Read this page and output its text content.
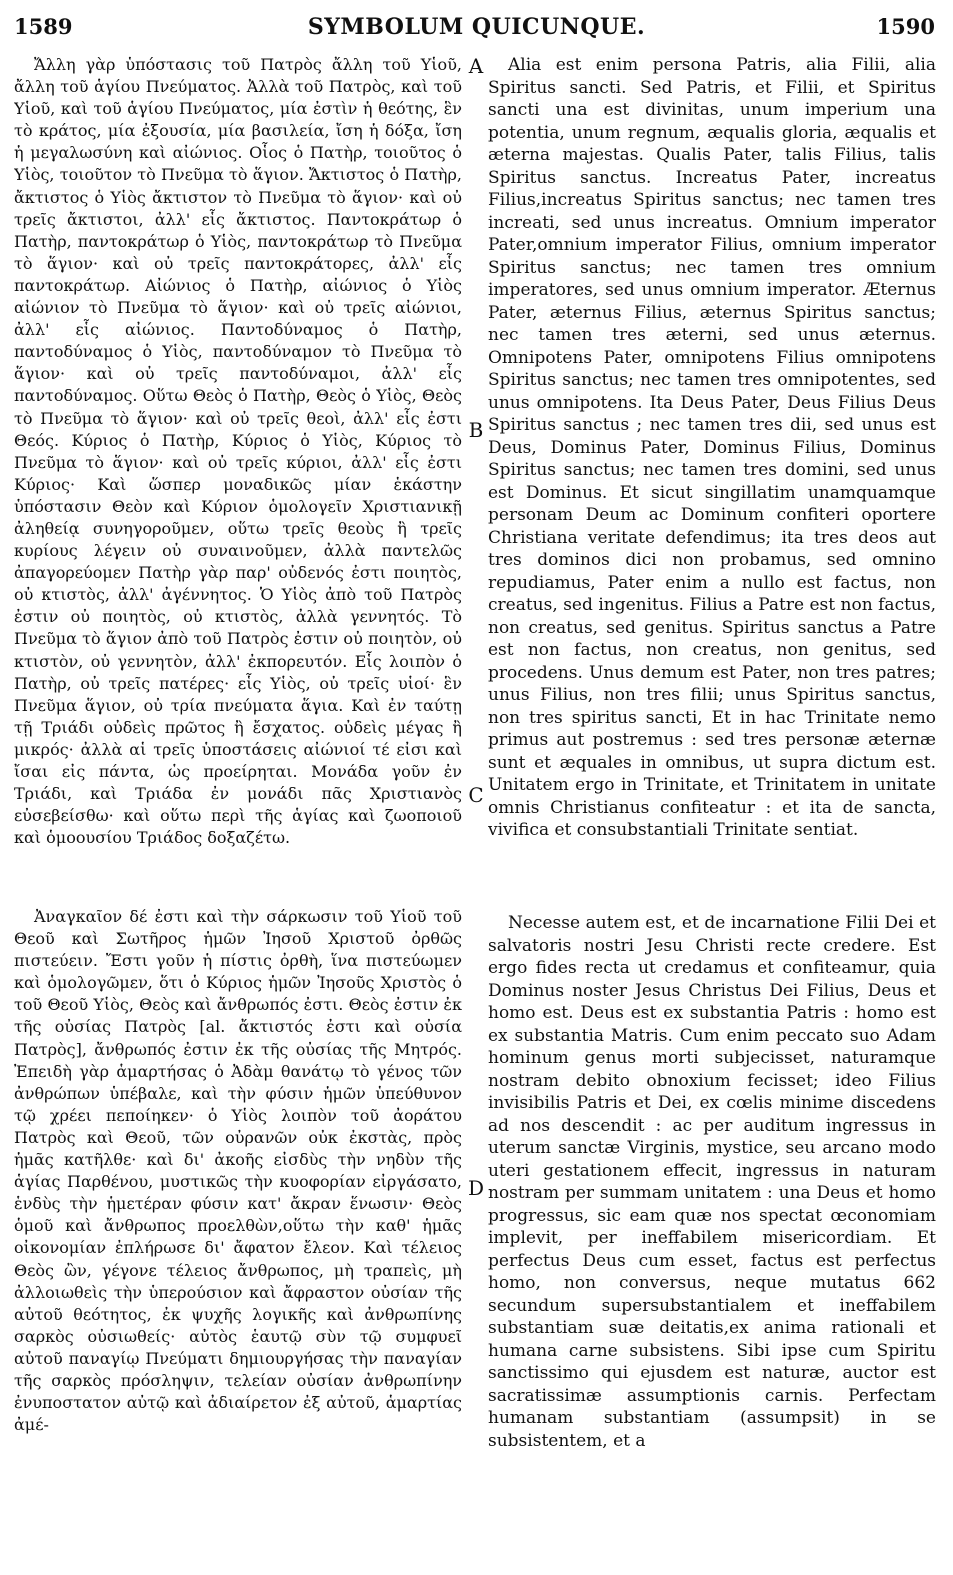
1589	SYMBOLUM QUICUNQUE.	1590

Ἄλλη γὰρ ὑπόστασις τοῦ Πατρὸς ἄλλη τοῦ Υἱοῦ, ἄλλη τοῦ ἁγίου Πνεύματος. Ἀλλὰ τοῦ Πατρὸς, καὶ τοῦ Υἱοῦ, καὶ τοῦ ἁγίου Πνεύματος, μία ἐστὶν ἡ θεότης, ἓν τὸ κράτος, μία ἐξουσία, μία βασιλεία, ἴση ἡ δόξα, ἴση ἡ μεγαλωσύνη καὶ αἰώνιος. Οἷος ὁ Πατὴρ, τοιοῦτος ὁ Υἱὸς, τοιοῦτον τὸ Πνεῦμα τὸ ἅγιον. Ἄκτιστος ὁ Πατὴρ, ἄκτιστος ὁ Υἱὸς ἄκτιστον τὸ Πνεῦμα τὸ ἅγιον· καὶ οὐ τρεῖς ἄκτιστοι, ἀλλ' εἷς ἄκτιστος. Παντοκράτωρ ὁ Πατὴρ, παντοκράτωρ ὁ Υἱὸς, παντοκράτωρ τὸ Πνεῦμα τὸ ἅγιον· καὶ οὐ τρεῖς παντοκράτορες, ἀλλ' εἷς παντοκράτωρ. Αἰώνιος ὁ Πατὴρ, αἰώνιος ὁ Υἱὸς αἰώνιον τὸ Πνεῦμα τὸ ἅγιον· καὶ οὐ τρεῖς αἰώνιοι, ἀλλ' εἷς αἰώνιος. Παντοδύναμος ὁ Πατὴρ, παντοδύναμος ὁ Υἱὸς, παντοδύναμον τὸ Πνεῦμα τὸ ἅγιον· καὶ οὐ τρεῖς παντοδύναμοι, ἀλλ' εἷς παντοδύναμος. Οὕτω Θεὸς ὁ Πατὴρ, Θεὸς ὁ Υἱὸς, Θεὸς τὸ Πνεῦμα τὸ ἅγιον· καὶ οὐ τρεῖς θεοὶ, ἀλλ' εἷς ἐστι Θεός. Κύριος ὁ Πατὴρ, Κύριος ὁ Υἱὸς, Κύριος τὸ Πνεῦμα τὸ ἅγιον· καὶ οὐ τρεῖς κύριοι, ἀλλ' εἷς ἐστι Κύριος· Καὶ ὥσπερ μοναδικῶς μίαν ἑκάστην ὑπόστασιν Θεὸν καὶ Κύριον ὁμολογεῖν Χριστιανικῇ ἀληθείᾳ συνηγοροῦμεν, οὕτω τρεῖς θεοὺς ἢ τρεῖς κυρίους λέγειν οὐ συναινοῦμεν, ἀλλὰ παντελῶς ἀπαγορεύομεν Πατὴρ γὰρ παρ' οὐδενός ἐστι ποιητὸς, οὐ κτιστὸς, ἀλλ' ἀγέννητος. Ὁ Υἱὸς ἀπὸ τοῦ Πατρὸς ἐστιν οὐ ποιητὸς, οὐ κτιστὸς, ἀλλὰ γεννητός. Τὸ Πνεῦμα τὸ ἅγιον ἀπὸ τοῦ Πατρὸς ἐστιν οὐ ποιητὸν, οὐ κτιστὸν, οὐ γεννητὸν, ἀλλ' ἐκπορευτόν. Εἷς λοιπὸν ὁ Πατὴρ, οὐ τρεῖς πατέρες· εἷς Υἱὸς, οὐ τρεῖς υἱοί· ἓν Πνεῦμα ἅγιον, οὐ τρία πνεύματα ἅγια. Καὶ ἐν ταύτῃ τῇ Τριάδι οὐδεὶς πρῶτος ἢ ἔσχατος. οὐδεὶς μέγας ἢ μικρός· ἀλλὰ αἱ τρεῖς ὑποστάσεις αἰώνιοί τέ εἰσι καὶ ἴσαι εἰς πάντα, ὡς προείρηται. Μονάδα γοῦν ἐν Τριάδι, καὶ Τριάδα ἐν μονάδι πᾶς Χριστιανὸς εὐσεβείσθω· καὶ οὕτω περὶ τῆς ἁγίας καὶ ζωοποιοῦ καὶ ὁμοουσίου Τριάδος δοξαζέτω.

Alia est enim persona Patris, alia Filii, alia Spiritus sancti. Sed Patris, et Filii, et Spiritus sancti una est divinitas, unum imperium una potentia, unum regnum, æqualis gloria, æqualis et æterna majestas. Qualis Pater, talis Filius, talis Spiritus sanctus. Increatus Pater, increatus Filius,increatus Spiritus sanctus; nec tamen tres increati, sed unus increatus. Omnium imperator Pater,omnium imperator Filius, omnium imperator Spiritus sanctus; nec tamen tres omnium imperatores, sed unus omnium imperator. Æternus Pater, æternus Filius, æternus Spiritus sanctus; nec tamen tres æterni, sed unus æternus. Omnipotens Pater, omnipotens Filius omnipotens Spiritus sanctus; nec tamen tres omnipotentes, sed unus omnipotens. Ita Deus Pater, Deus Filius Deus Spiritus sanctus ; nec tamen tres dii, sed unus est Deus, Dominus Pater, Dominus Filius, Dominus Spiritus sanctus; nec tamen tres domini, sed unus est Dominus. Et sicut singillatim unamquamque personam Deum ac Dominum confiteri oportere Christiana veritate defendimus; ita tres deos aut tres dominos dici non probamus, sed omnino repudiamus, Pater enim a nullo est factus, non creatus, sed ingenitus. Filius a Patre est non factus, non creatus, sed genitus. Spiritus sanctus a Patre est non factus, non creatus, non genitus, sed procedens. Unus demum est Pater, non tres patres; unus Filius, non tres filii; unus Spiritus sanctus, non tres spiritus sancti, Et in hac Trinitate nemo primus aut postremus : sed tres personæ æternæ sunt et æquales in omnibus, ut supra dictum est. Unitatem ergo in Trinitate, et Trinitatem in unitate omnis Christianus confiteatur : et ita de sancta, vivifica et consubstantiali Trinitate sentiat.

Ἀναγκαῖον δέ ἐστι καὶ τὴν σάρκωσιν τοῦ Υἱοῦ τοῦ Θεοῦ καὶ Σωτῆρος ἡμῶν Ἰησοῦ Χριστοῦ ὀρθῶς πιστεύειν. Ἔστι γοῦν ἡ πίστις ὀρθὴ, ἵνα πιστεύωμεν καὶ ὁμολογῶμεν, ὅτι ὁ Κύριος ἡμῶν Ἰησοῦς Χριστὸς ὁ τοῦ Θεοῦ Υἱὸς, Θεὸς καὶ ἄνθρωπός ἐστι. Θεὸς ἐστιν ἐκ τῆς οὐσίας Πατρὸς [al. ἄκτιστός ἐστι καὶ οὐσία Πατρὸς], ἄνθρωπός ἐστιν ἐκ τῆς οὐσίας τῆς Μητρός. Ἐπειδὴ γὰρ ἁμαρτήσας ὁ Ἀδὰμ θανάτῳ τὸ γένος τῶν ἀνθρώπων ὑπέβαλε, καὶ τὴν φύσιν ἡμῶν ὑπεύθυνον τῷ χρέει πεποίηκεν· ὁ Υἱὸς λοιπὸν τοῦ ἀοράτου Πατρὸς καὶ Θεοῦ, τῶν οὐρανῶν οὐκ ἐκστὰς, πρὸς ἡμᾶς κατῆλθε· καὶ δι' ἀκοῆς εἰσδὺς τὴν νηδὺν τῆς ἁγίας Παρθένου, μυστικῶς τὴν κυοφορίαν εἰργάσατο, ἑνδὺς τὴν ἡμετέραν φύσιν κατ' ἄκραν ἕνωσιν· Θεὸς ὁμοῦ καὶ ἄνθρωπος προελθὼν,οὕτω τὴν καθ' ἡμᾶς οἰκονομίαν ἐπλήρωσε δι' ἄφατον ἔλεον. Καὶ τέλειος Θεὸς ὢν, γέγονε τέλειος ἄνθρωπος, μὴ τραπεὶς, μὴ ἀλλοιωθεὶς τὴν ὑπερούσιον καὶ ἄφραστον οὐσίαν τῆς αὐτοῦ θεότητος, ἐκ ψυχῆς λογικῆς καὶ ἀνθρωπίνης σαρκὸς οὐσιωθείς· αὐτὸς ἑαυτῷ σὺν τῷ συμφυεῖ αὐτοῦ παναγίῳ Πνεύματι δημιουργήσας τὴν παναγίαν τῆς σαρκὸς πρόσληψιν, τελείαν οὐσίαν ἀνθρωπίνην ἐνυποστατον αὐτῷ καὶ ἀδιαίρετον ἐξ αὐτοῦ, ἁμαρτίας ἀμέ-

Necesse autem est, et de incarnatione Filii Dei et salvatoris nostri Jesu Christi recte credere. Est ergo fides recta ut credamus et confiteamur, quia Dominus noster Jesus Christus Dei Filius, Deus et homo est. Deus est ex substantia Patris : homo est ex substantia Matris. Cum enim peccato suo Adam hominum genus morti subjecisset, naturamque nostram debito obnoxium fecisset; ideo Filius invisibilis Patris et Dei, ex cœlis minime discedens ad nos descendit : ac per auditum ingressus in uterum sanctæ Virginis, mystice, seu arcano modo uteri gestationem effecit, ingressus in naturam nostram per summam unitatem : una Deus et homo progressus, sic eam quæ nos spectat œconomiam implevit, per ineffabilem misericordiam. Et perfectus Deus cum esset, factus est perfectus homo, non conversus, neque mutatus 662 secundum supersubstantialem et ineffabilem substantiam suæ deitatis,ex anima rationali et humana carne subsistens. Sibi ipse cum Spiritu sanctissimo qui ejusdem est naturæ, auctor est sacratissimæ assumptionis carnis. Perfectam humanam substantiam (assumpsit) in se subsistentem, et a

A
B
C
D
